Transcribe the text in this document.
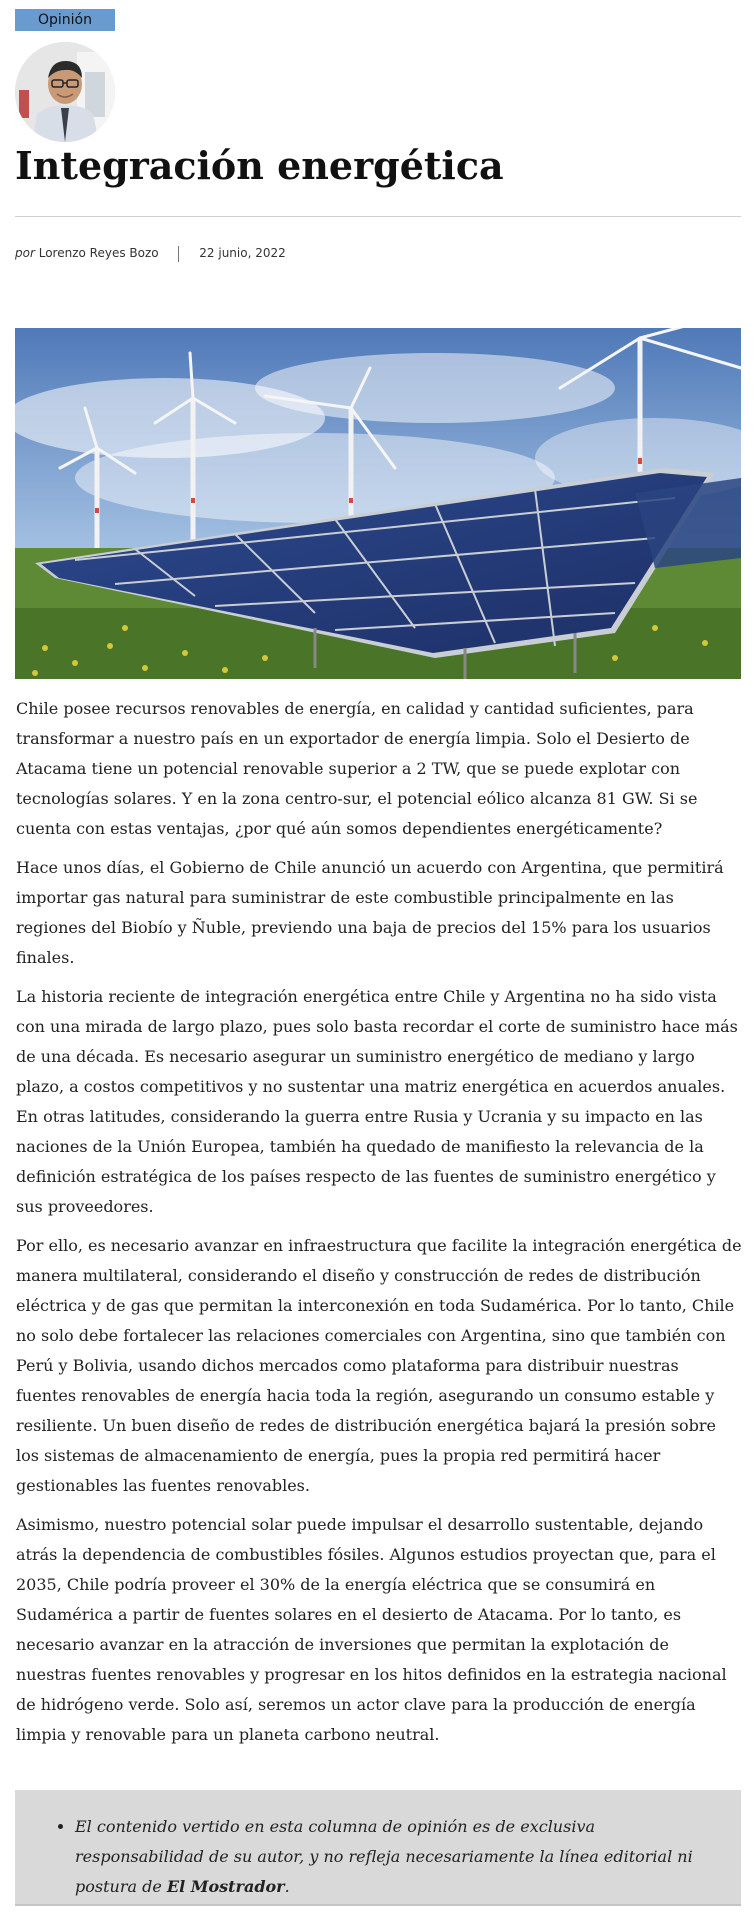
Opinión
Integración energética
por Lorenzo Reyes Bozo	22 junio, 2022

Chile posee recursos renovables de energía, en calidad y cantidad suficientes, para transformar a nuestro país en un exportador de energía limpia. Solo el Desierto de Atacama tiene un potencial renovable superior a 2 TW, que se puede explotar con tecnologías solares. Y en la zona centro-sur, el potencial eólico alcanza 81 GW. Si se cuenta con estas ventajas, ¿por qué aún somos dependientes energéticamente?

Hace unos días, el Gobierno de Chile anunció un acuerdo con Argentina, que permitirá importar gas natural para suministrar de este combustible principalmente en las regiones del Biobío y Ñuble, previendo una baja de precios del 15% para los usuarios finales.

La historia reciente de integración energética entre Chile y Argentina no ha sido vista con una mirada de largo plazo, pues solo basta recordar el corte de suministro hace más de una década. Es necesario asegurar un suministro energético de mediano y largo plazo, a costos competitivos y no sustentar una matriz energética en acuerdos anuales. En otras latitudes, considerando la guerra entre Rusia y Ucrania y su impacto en las naciones de la Unión Europea, también ha quedado de manifiesto la relevancia de la definición estratégica de los países respecto de las fuentes de suministro energético y sus proveedores.

Por ello, es necesario avanzar en infraestructura que facilite la integración energética de manera multilateral, considerando el diseño y construcción de redes de distribución eléctrica y de gas que permitan la interconexión en toda Sudamérica. Por lo tanto, Chile no solo debe fortalecer las relaciones comerciales con Argentina, sino que también con Perú y Bolivia, usando dichos mercados como plataforma para distribuir nuestras fuentes renovables de energía hacia toda la región, asegurando un consumo estable y resiliente. Un buen diseño de redes de distribución energética bajará la presión sobre los sistemas de almacenamiento de energía, pues la propia red permitirá hacer gestionables las fuentes renovables.

Asimismo, nuestro potencial solar puede impulsar el desarrollo sustentable, dejando atrás la dependencia de combustibles fósiles. Algunos estudios proyectan que, para el 2035, Chile podría proveer el 30% de la energía eléctrica que se consumirá en Sudamérica a partir de fuentes solares en el desierto de Atacama. Por lo tanto, es necesario avanzar en la atracción de inversiones que permitan la explotación de nuestras fuentes renovables y progresar en los hitos definidos en la estrategia nacional de hidrógeno verde. Solo así, seremos un actor clave para la producción de energía limpia y renovable para un planeta carbono neutral.

• El contenido vertido en esta columna de opinión es de exclusiva responsabilidad de su autor, y no refleja necesariamente la línea editorial ni postura de El Mostrador.
